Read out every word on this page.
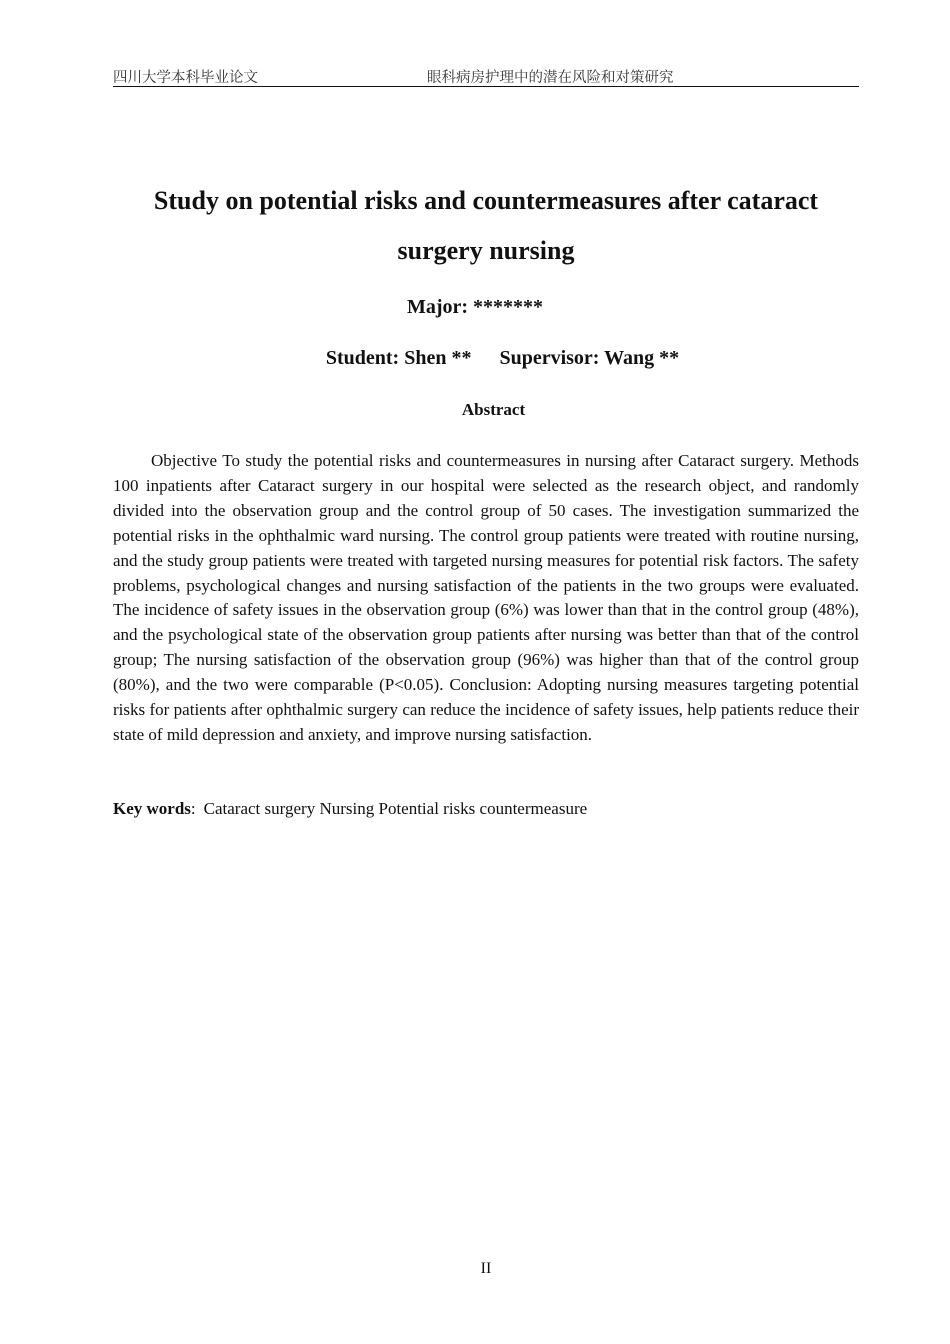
四川大学本科毕业论文	眼科病房护理中的潜在风险和对策研究
Study on potential risks and countermeasures after cataract surgery nursing
Major: *******
Student: Shen ** Supervisor: Wang **
Abstract

Objective To study the potential risks and countermeasures in nursing after Cataract surgery. Methods 100 inpatients after Cataract surgery in our hospital were selected as the research object, and randomly divided into the observation group and the control group of 50 cases. The investigation summarized the potential risks in the ophthalmic ward nursing. The control group patients were treated with routine nursing, and the study group patients were treated with targeted nursing measures for potential risk factors. The safety problems, psychological changes and nursing satisfaction of the patients in the two groups were evaluated. The incidence of safety issues in the observation group (6%) was lower than that in the control group (48%), and the psychological state of the observation group patients after nursing was better than that of the control group; The nursing satisfaction of the observation group (96%) was higher than that of the control group (80%), and the two were comparable (P<0.05). Conclusion: Adopting nursing measures targeting potential risks for patients after ophthalmic surgery can reduce the incidence of safety issues, help patients reduce their state of mild depression and anxiety, and improve nursing satisfaction.

Key words: Cataract surgery Nursing Potential risks countermeasure
II
